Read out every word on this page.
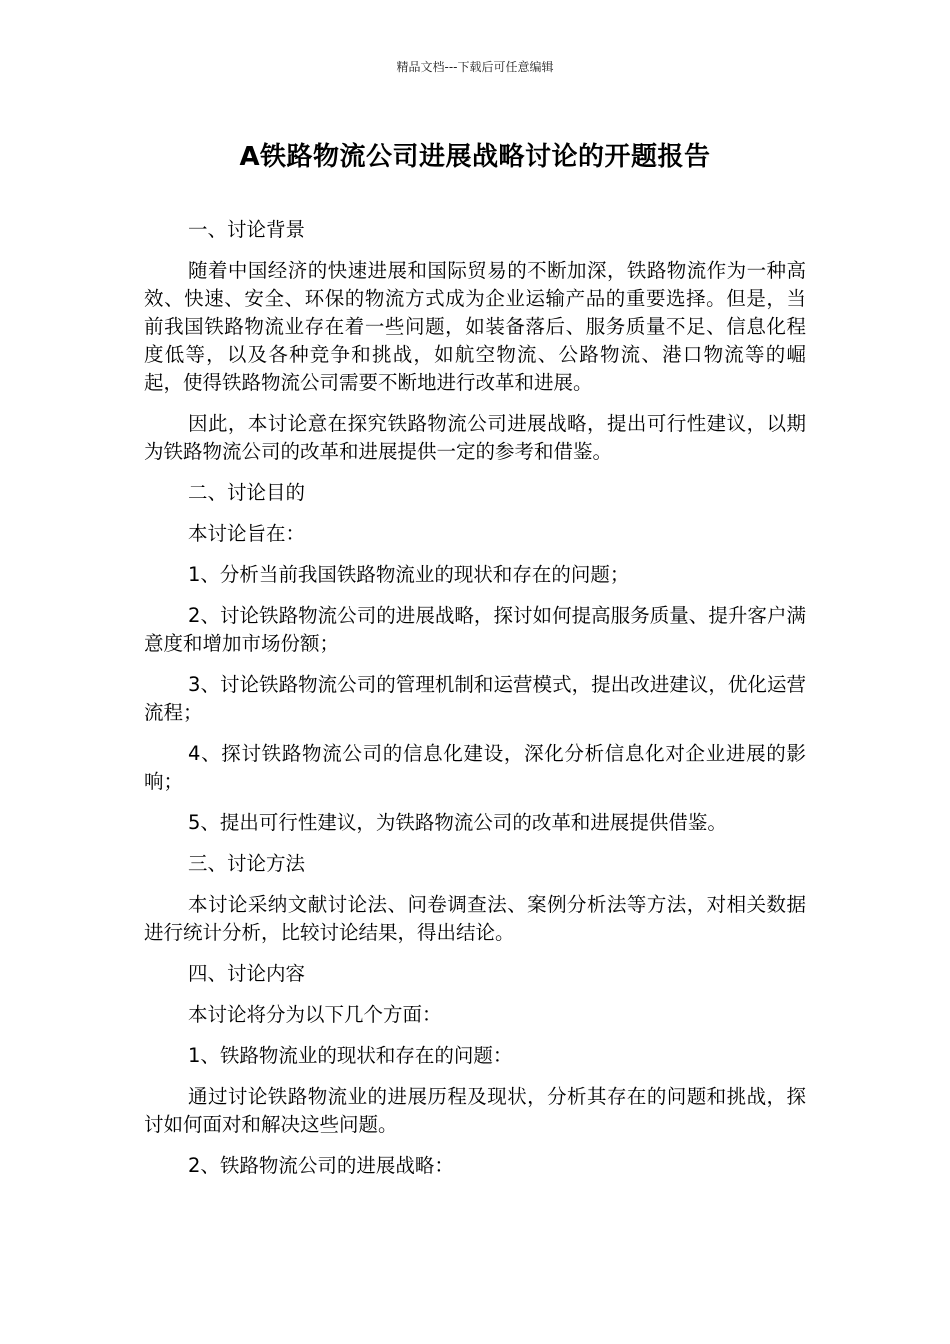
精品文档---下载后可任意编辑
A铁路物流公司进展战略讨论的开题报告

一、讨论背景

随着中国经济的快速进展和国际贸易的不断加深，铁路物流作为一种高效、快速、安全、环保的物流方式成为企业运输产品的重要选择。但是，当前我国铁路物流业存在着一些问题，如装备落后、服务质量不足、信息化程度低等，以及各种竞争和挑战，如航空物流、公路物流、港口物流等的崛起，使得铁路物流公司需要不断地进行改革和进展。

因此，本讨论意在探究铁路物流公司进展战略，提出可行性建议，以期为铁路物流公司的改革和进展提供一定的参考和借鉴。

二、讨论目的

本讨论旨在：

1、分析当前我国铁路物流业的现状和存在的问题；

2、讨论铁路物流公司的进展战略，探讨如何提高服务质量、提升客户满意度和增加市场份额；

3、讨论铁路物流公司的管理机制和运营模式，提出改进建议，优化运营流程；

4、探讨铁路物流公司的信息化建设，深化分析信息化对企业进展的影响；

5、提出可行性建议，为铁路物流公司的改革和进展提供借鉴。

三、讨论方法

本讨论采纳文献讨论法、问卷调查法、案例分析法等方法，对相关数据进行统计分析，比较讨论结果，得出结论。

四、讨论内容

本讨论将分为以下几个方面：

1、铁路物流业的现状和存在的问题：

通过讨论铁路物流业的进展历程及现状，分析其存在的问题和挑战，探讨如何面对和解决这些问题。

2、铁路物流公司的进展战略：
